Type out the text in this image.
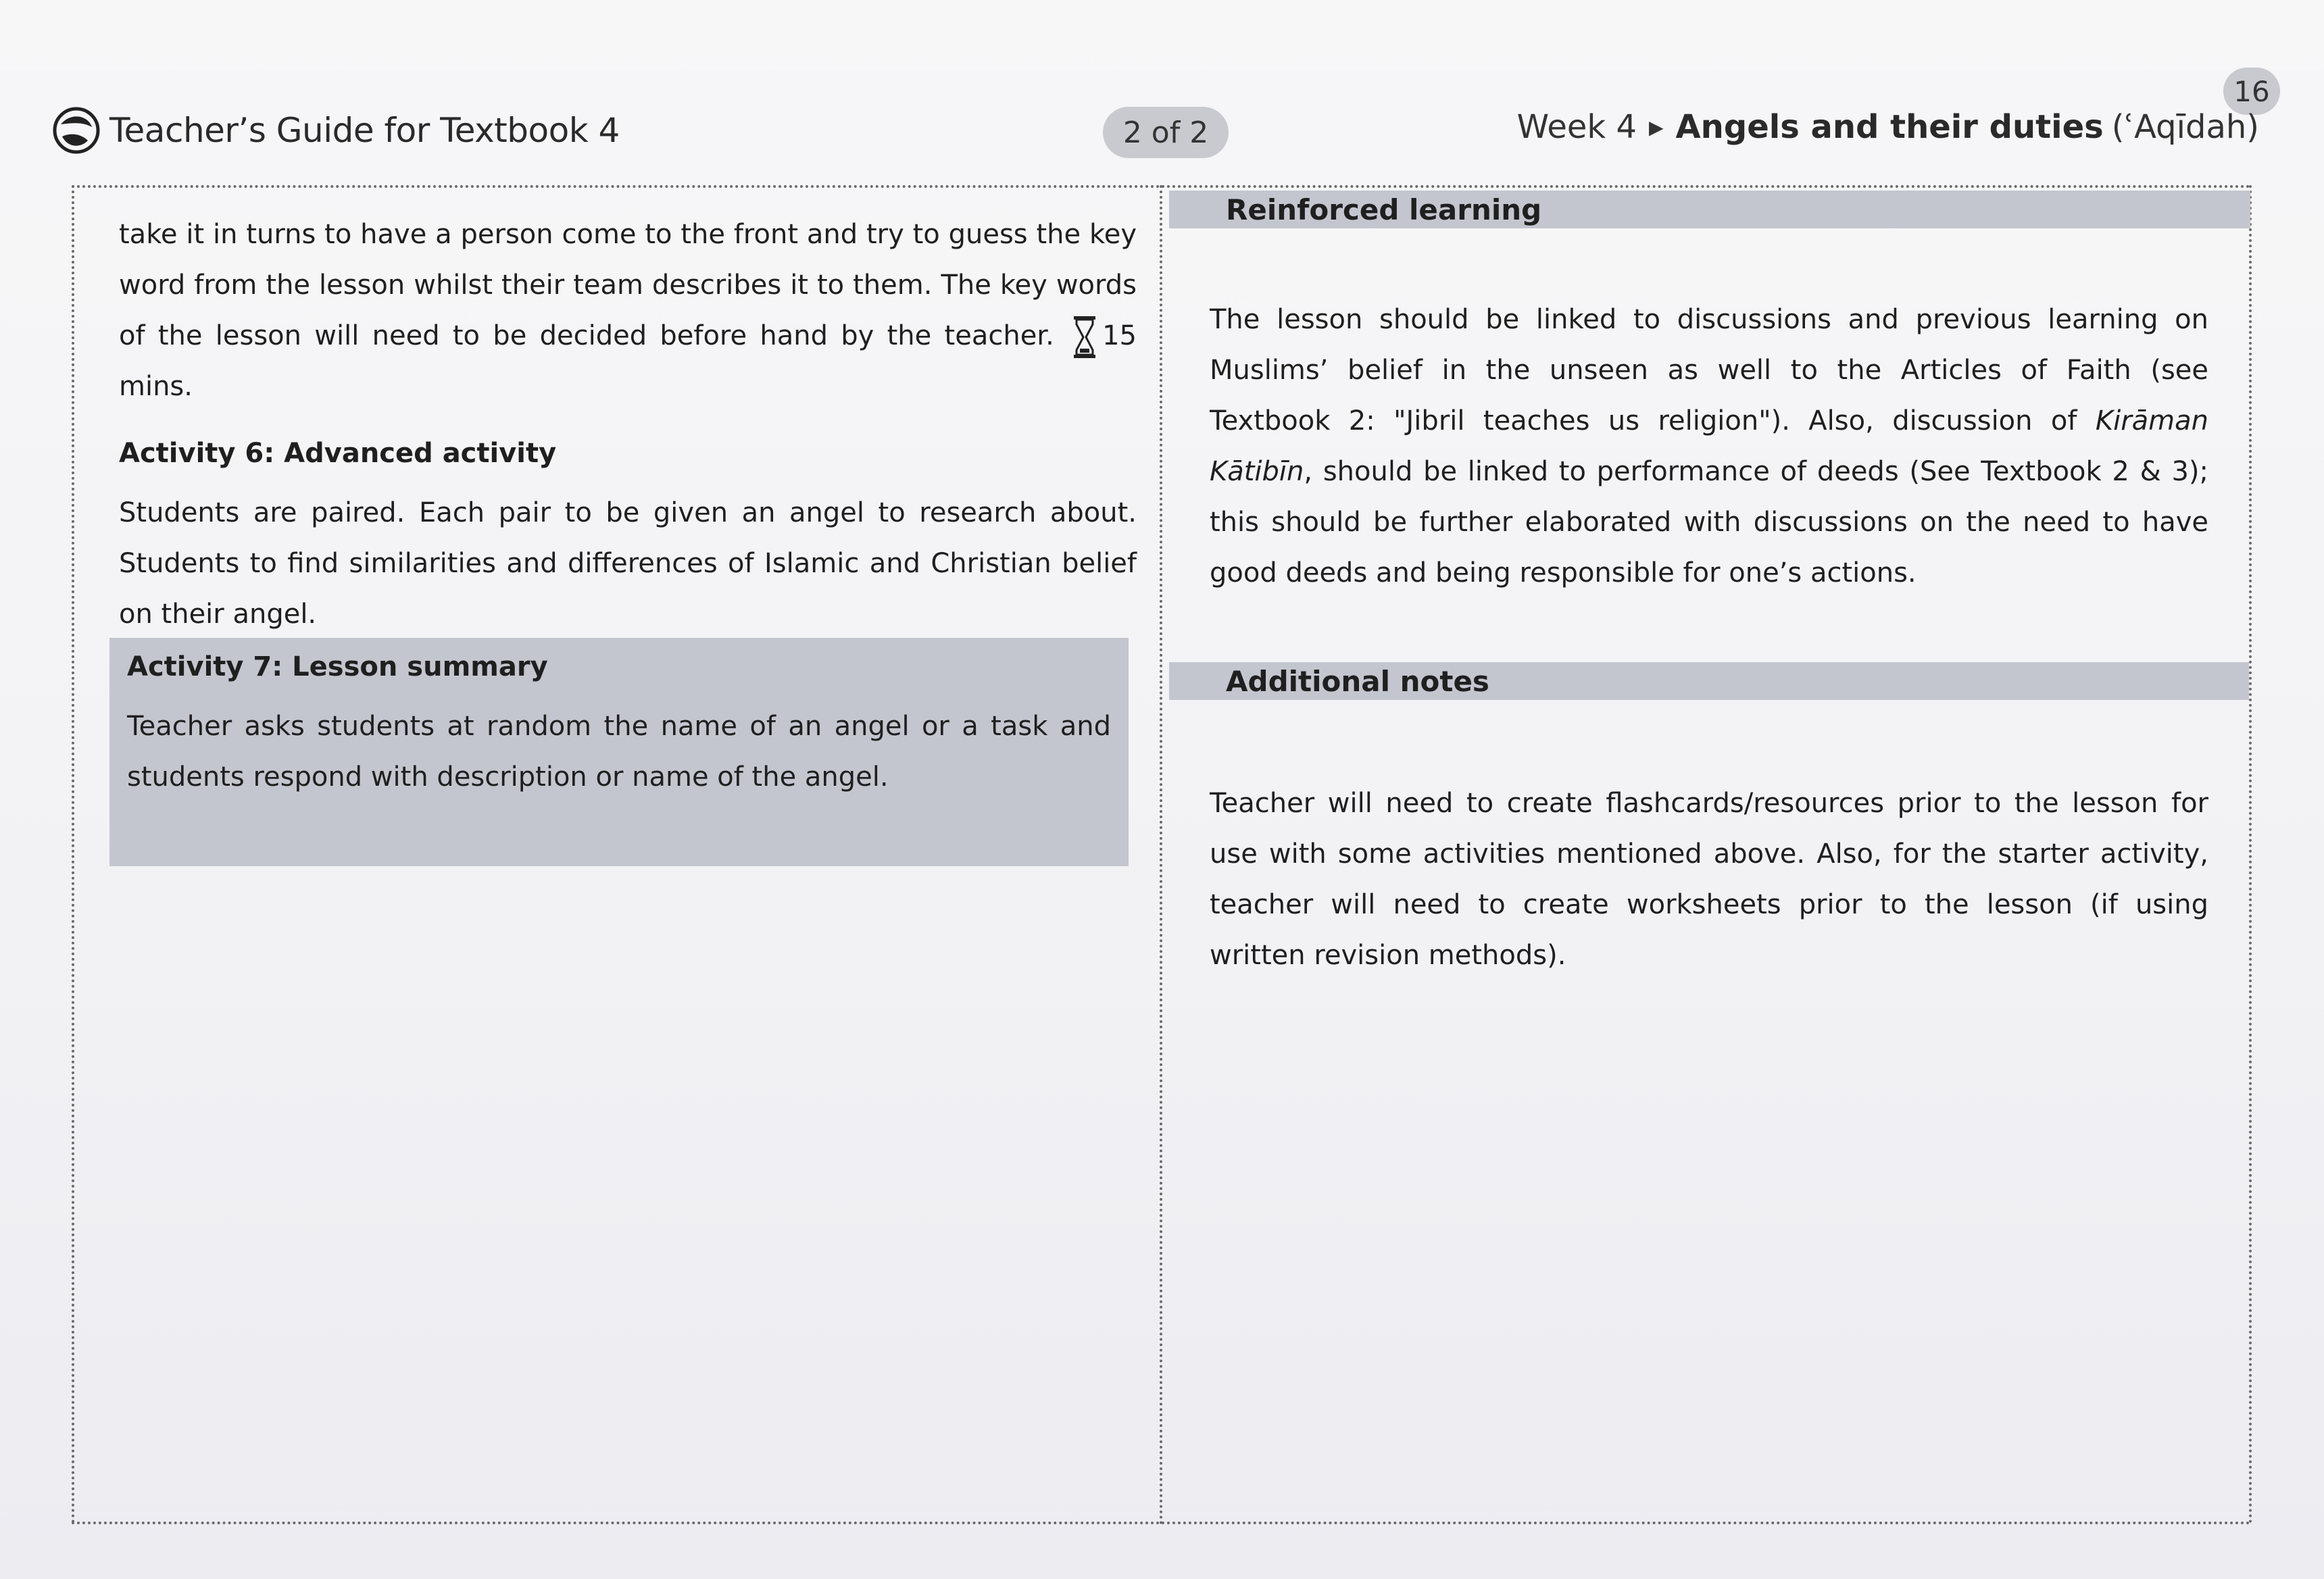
Teacher’s Guide for Textbook 4	2 of 2
16
Week 4 ▶ Angels and their duties (ʿAqīdah)

take it in turns to have a person come to the front and try to guess the key word from the lesson whilst their team describes it to them. The key words of the lesson will need to be decided before hand by the teacher. 15 mins.

Activity 6: Advanced activity

Students are paired. Each pair to be given an angel to research about. Students to find similarities and differences of Islamic and Christian belief on their angel.

Activity 7: Lesson summary

Teacher asks students at random the name of an angel or a task and students respond with description or name of the angel.

Reinforced learning

The lesson should be linked to discussions and previous learning on Muslims’ belief in the unseen as well to the Articles of Faith (see Textbook 2: "Jibril teaches us religion"). Also, discussion of Kirāman Kātibīn, should be linked to performance of deeds (See Textbook 2 & 3); this should be further elaborated with discussions on the need to have good deeds and being responsible for one’s actions.

Additional notes

Teacher will need to create flashcards/resources prior to the lesson for use with some activities mentioned above. Also, for the starter activity, teacher will need to create worksheets prior to the lesson (if using written revision methods).
